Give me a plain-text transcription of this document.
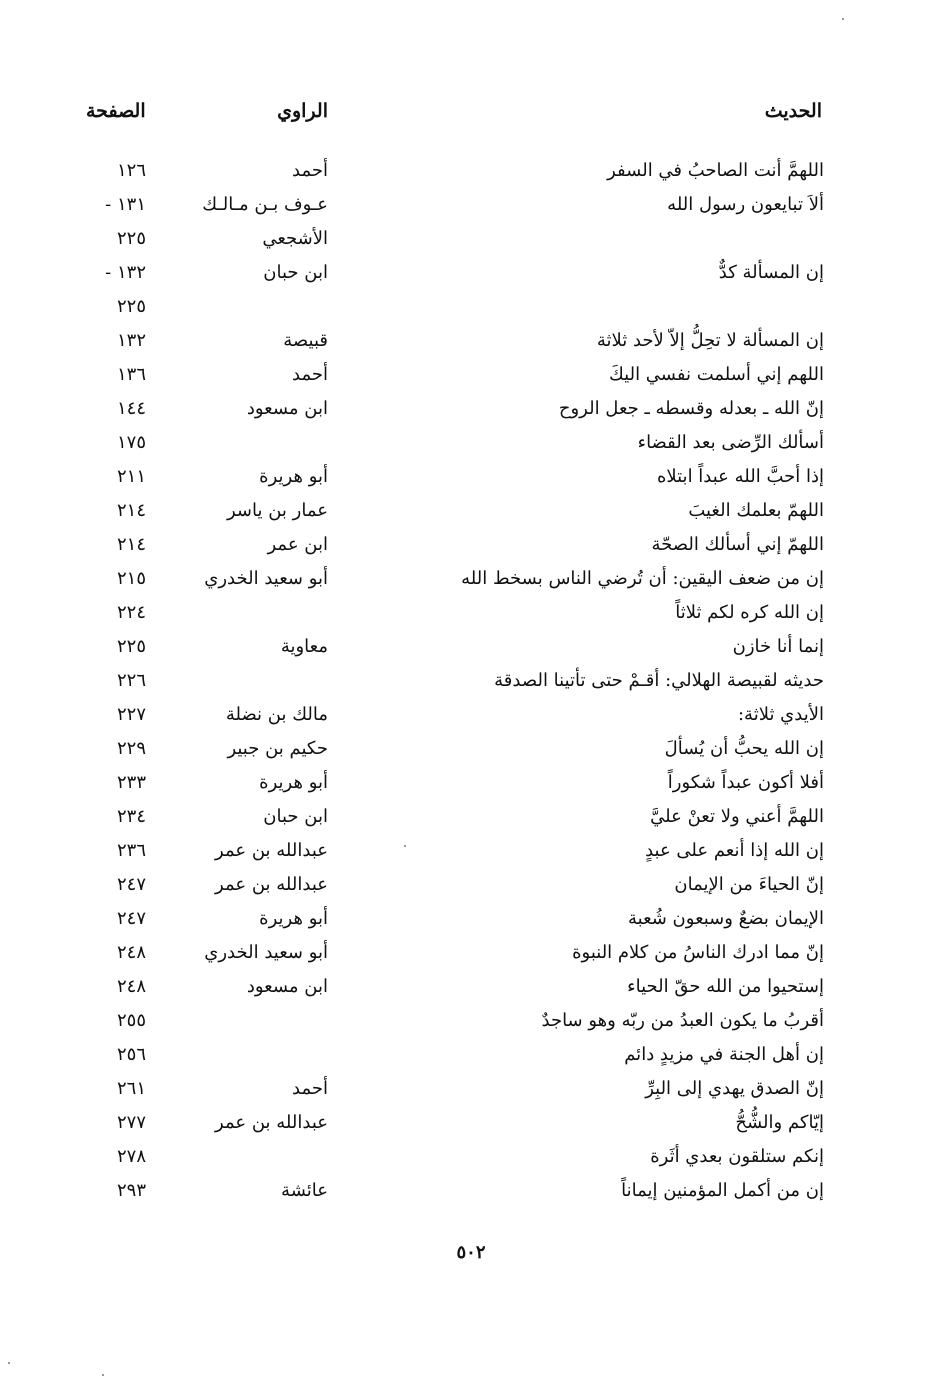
الحديث
الراوي
الصفحة
اللهمَّ أنت الصاحبُ في السفر
أحمد
١٢٦
ألاَ تبايعون رسول الله
عـوف بـن مـالـك
١٣١ -
الأشجعي
٢٢٥
إن المسألة كدٌّ
ابن حبان
١٣٢ -
٢٢٥
إن المسألة لا تحِلُّ إلاّ لأحد ثلاثة
قبيصة
١٣٢
اللهم إني أسلمت نفسي اليكَ
أحمد
١٣٦
إنّ الله ـ بعدله وقسطه ـ جعل الروح
ابن مسعود
١٤٤
أسألك الرِّضى بعد القضاء
١٧٥
إذا أحبَّ الله عبداً ابتلاه
أبو هريرة
٢١١
اللهمّ بعلمك الغيبَ
عمار بن ياسر
٢١٤
اللهمّ إني أسألك الصحّة
ابن عمر
٢١٤
إن من ضعف اليقين: أن تُرضي الناس بسخط الله
أبو سعيد الخدري
٢١٥
إن الله كره لكم ثلاثاً
٢٢٤
إنما أنا خازن
معاوية
٢٢٥
حديثه لقبيصة الهلالي: أقـمْ حتى تأتينا الصدقة
٢٢٦
الأيدي ثلاثة:
مالك بن نضلة
٢٢٧
إن الله يحبُّ أن يُسألَ
حكيم بن جبير
٢٢٩
أفلا أكون عبداً شكوراً
أبو هريرة
٢٣٣
اللهمَّ أعني ولا تعنْ عليَّ
ابن حبان
٢٣٤
إن الله إذا أنعم على عبدٍ
عبدالله بن عمر
٢٣٦
إنّ الحياءَ من الإيمان
عبدالله بن عمر
٢٤٧
الإيمان بضعٌ وسبعون شُعبة
أبو هريرة
٢٤٧
إنّ مما ادرك الناسُ من كلام النبوة
أبو سعيد الخدري
٢٤٨
إستحيوا من الله حقّ الحياء
ابن مسعود
٢٤٨
أقربُ ما يكون العبدُ من ربّه وهو ساجدٌ
٢٥٥
إن أهل الجنة في مزيدٍ دائم
٢٥٦
إنّ الصدق يهدي إلى البِرِّ
أحمد
٢٦١
إيّاكم والشُّحُّ
عبدالله بن عمر
٢٧٧
إنكم ستلقون بعدي أثَرة
٢٧٨
إن من أكمل المؤمنين إيماناً
عائشة
٢٩٣
٥٠٢
